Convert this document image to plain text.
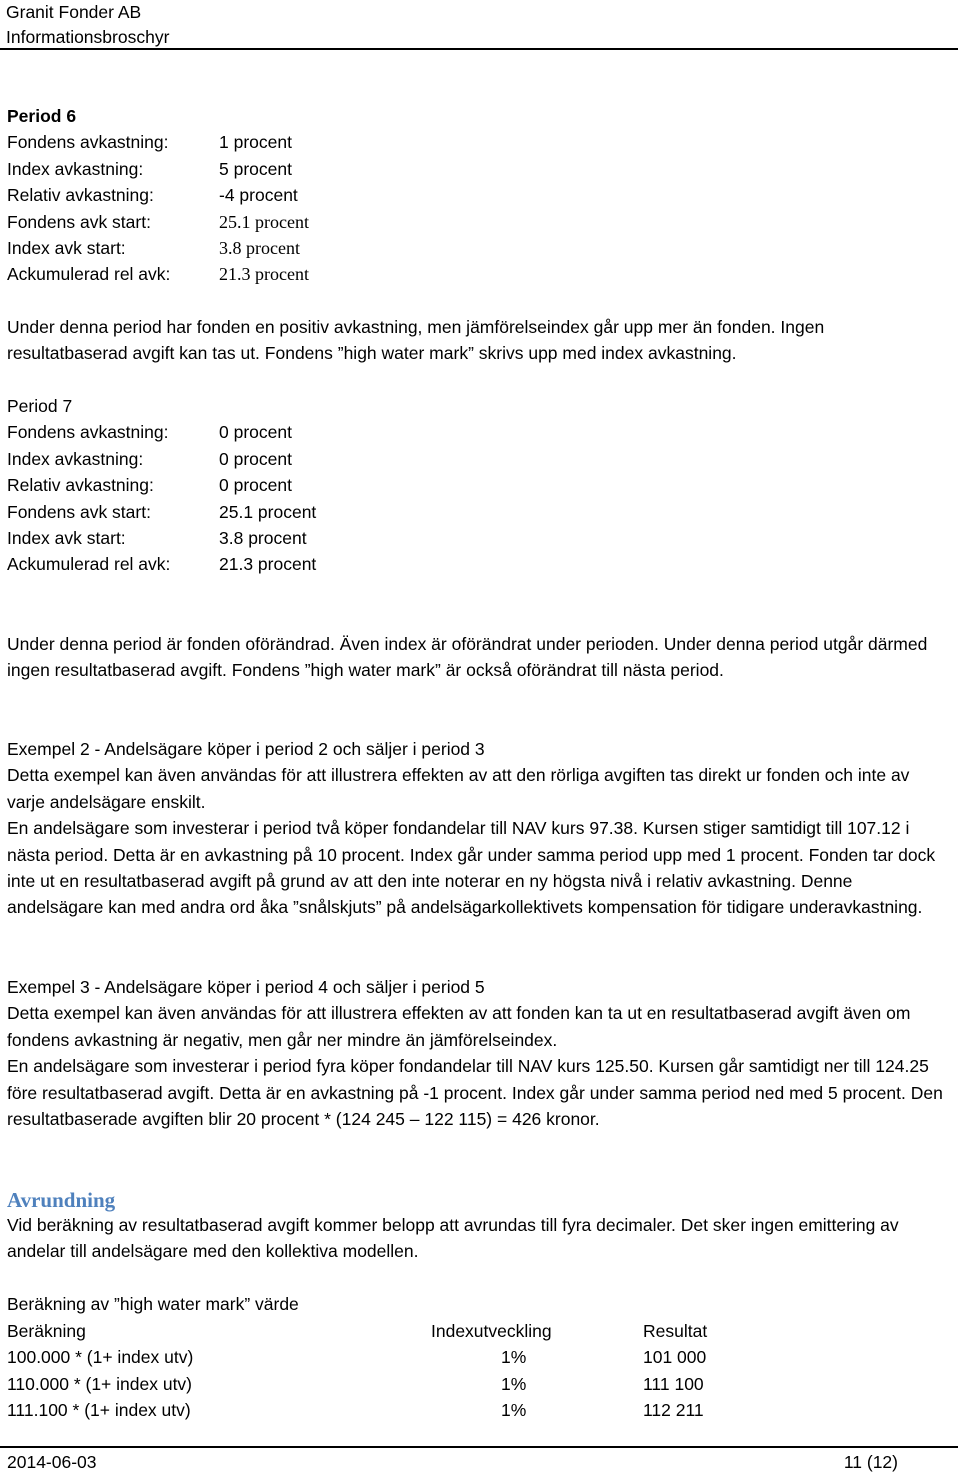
Granit Fonder AB
Informationsbroschyr
Period 6
Fondens avkastning:	1 procent
Index avkastning:	5 procent
Relativ avkastning:	-4 procent
Fondens avk start:	25.1 procent
Index avk start:	3.8 procent
Ackumulerad rel avk:	21.3 procent
Under denna period har fonden en positiv avkastning, men jämförelseindex går upp mer än fonden. Ingen resultatbaserad avgift kan tas ut. Fondens ”high water mark” skrivs upp med index avkastning.
Period 7
Fondens avkastning:	0 procent
Index avkastning:	0 procent
Relativ avkastning:	0 procent
Fondens avk start:	25.1 procent
Index avk start:	3.8 procent
Ackumulerad rel avk:	21.3 procent
Under denna period är fonden oförändrad. Även index är oförändrat under perioden. Under denna period utgår därmed ingen resultatbaserad avgift. Fondens ”high water mark” är också oförändrat till nästa period.
Exempel 2 - Andelsägare köper i period 2 och säljer i period 3
Detta exempel kan även användas för att illustrera effekten av att den rörliga avgiften tas direkt ur fonden och inte av varje andelsägare enskilt.
En andelsägare som investerar i period två köper fondandelar till NAV kurs 97.38. Kursen stiger samtidigt till 107.12 i nästa period. Detta är en avkastning på 10 procent. Index går under samma period upp med 1 procent. Fonden tar dock inte ut en resultatbaserad avgift på grund av att den inte noterar en ny högsta nivå i relativ avkastning. Denne andelsägare kan med andra ord åka ”snålskjuts” på andelsägarkollektivets kompensation för tidigare underavkastning.
Exempel 3 - Andelsägare köper i period 4 och säljer i period 5
Detta exempel kan även användas för att illustrera effekten av att fonden kan ta ut en resultatbaserad avgift även om fondens avkastning är negativ, men går ner mindre än jämförelseindex.
En andelsägare som investerar i period fyra köper fondandelar till NAV kurs 125.50. Kursen går samtidigt ner till 124.25 före resultatbaserad avgift. Detta är en avkastning på -1 procent. Index går under samma period ned med 5 procent. Den resultatbaserade avgiften blir 20 procent * (124 245 – 122 115) = 426 kronor.
Avrundning
Vid beräkning av resultatbaserad avgift kommer belopp att avrundas till fyra decimaler. Det sker ingen emittering av andelar till andelsägare med den kollektiva modellen.
Beräkning av ”high water mark” värde
Beräkning	Indexutveckling	Resultat
100.000 * (1+ index utv)	1%	101 000
110.000 * (1+ index utv)	1%	111 100
111.100 * (1+ index utv)	1%	112 211
2014-06-03	11 (12)
